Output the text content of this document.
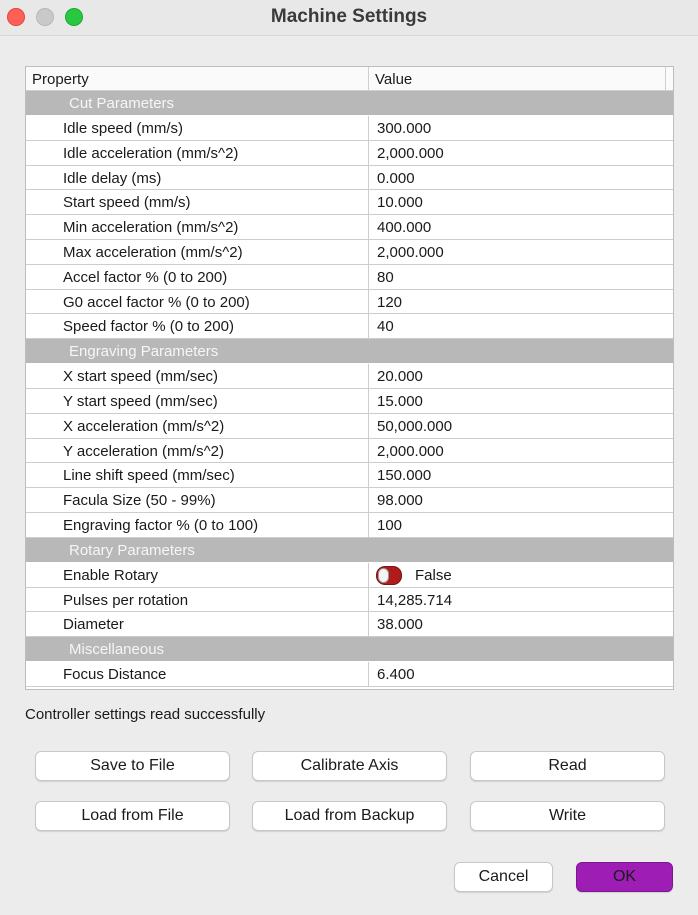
Machine Settings
Property	Value
Cut Parameters
Idle speed (mm/s)	300.000
Idle acceleration (mm/s^2)	2,000.000
Idle delay (ms)	0.000
Start speed (mm/s)	10.000
Min acceleration (mm/s^2)	400.000
Max acceleration (mm/s^2)	2,000.000
Accel factor % (0 to 200)	80
G0 accel factor % (0 to 200)	120
Speed factor % (0 to 200)	40
Engraving Parameters
X start speed (mm/sec)	20.000
Y start speed (mm/sec)	15.000
X acceleration (mm/s^2)	50,000.000
Y acceleration (mm/s^2)	2,000.000
Line shift speed (mm/sec)	150.000
Facula Size (50 - 99%)	98.000
Engraving factor % (0 to 100)	100
Rotary Parameters
Enable Rotary	False
Pulses per rotation	14,285.714
Diameter	38.000
Miscellaneous
Focus Distance	6.400
Controller settings read successfully
Save to File	Calibrate Axis	Read
Load from File	Load from Backup	Write
Cancel	OK
